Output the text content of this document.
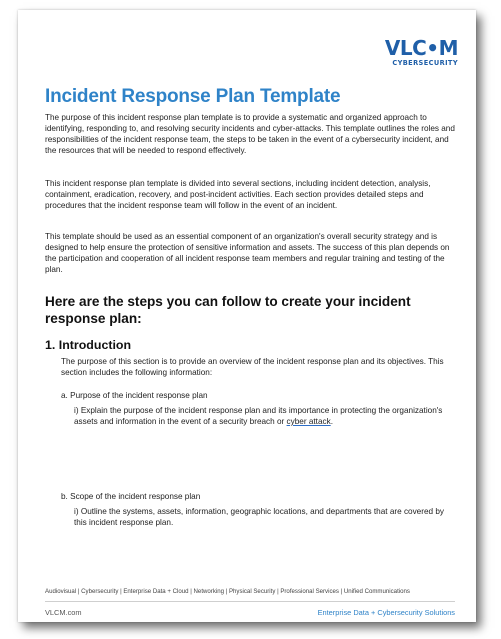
VLC•M
CYBERSECURITY
Incident Response Plan Template

The purpose of this incident response plan template is to provide a systematic and organized approach to identifying, responding to, and resolving security incidents and cyber-attacks. This template outlines the roles and responsibilities of the incident response team, the steps to be taken in the event of a cybersecurity incident, and the resources that will be needed to respond effectively.

This incident response plan template is divided into several sections, including incident detection, analysis, containment, eradication, recovery, and post-incident activities. Each section provides detailed steps and procedures that the incident response team will follow in the event of an incident.

This template should be used as an essential component of an organization's overall security strategy and is designed to help ensure the protection of sensitive information and assets. The success of this plan depends on the participation and cooperation of all incident response team members and regular training and testing of the plan.

Here are the steps you can follow to create your incident response plan:
1. Introduction

The purpose of this section is to provide an overview of the incident response plan and its objectives. This section includes the following information:

a. Purpose of the incident response plan

i) Explain the purpose of the incident response plan and its importance in protecting the organization's assets and information in the event of a security breach or cyber attack.

b. Scope of the incident response plan

i) Outline the systems, assets, information, geographic locations, and departments that are covered by this incident response plan.

Audiovisual | Cybersecurity | Enterprise Data + Cloud | Networking | Physical Security | Professional Services | Unified Communications

VLCM.com	Enterprise Data + Cybersecurity Solutions
